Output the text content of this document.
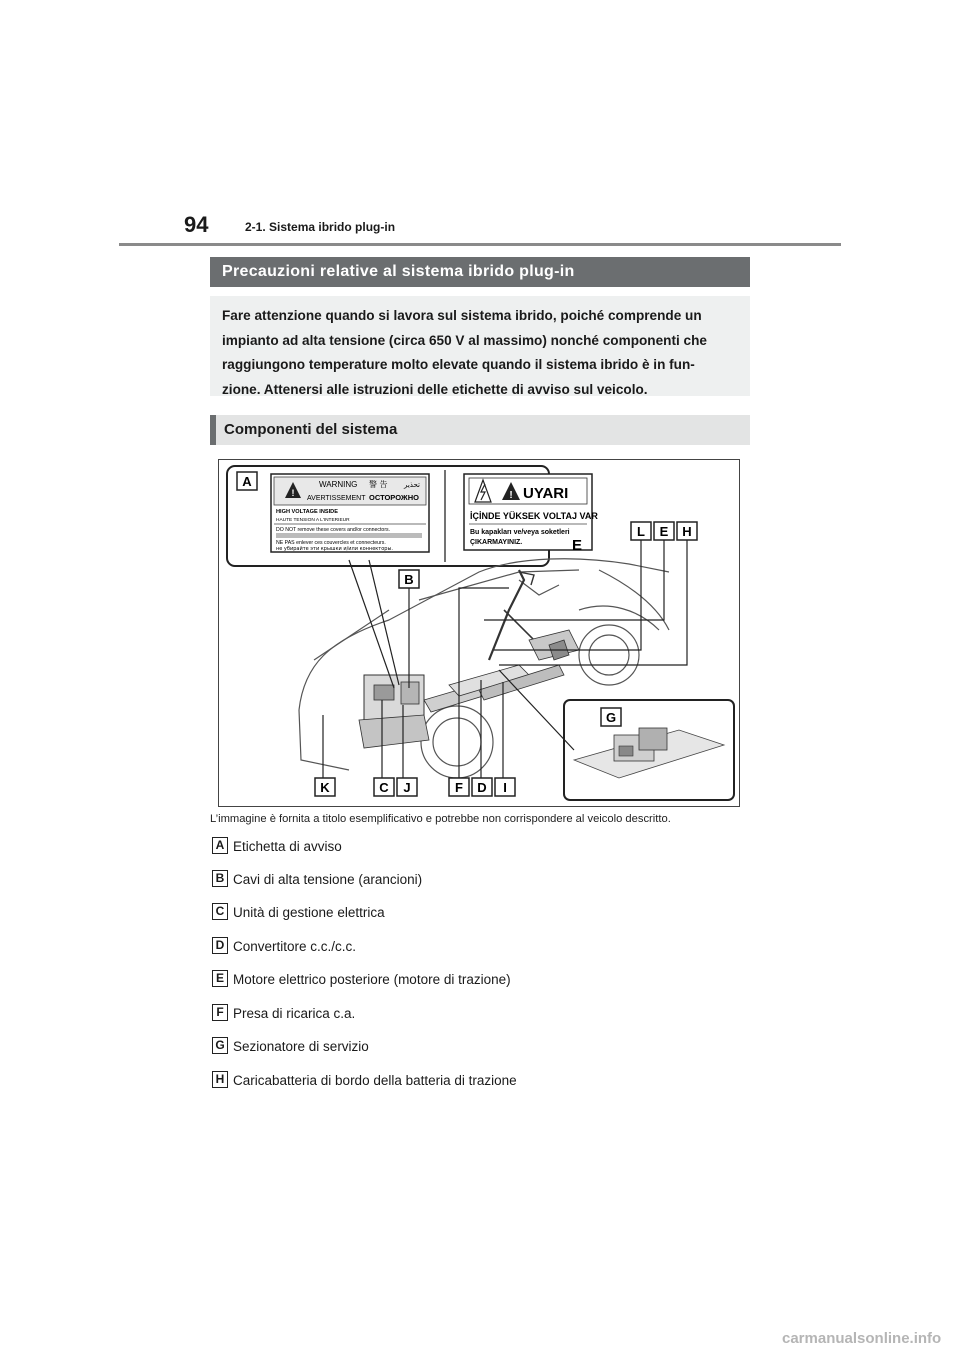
94	2-1. Sistema ibrido plug-in
Precauzioni relative al sistema ibrido plug-in
Fare attenzione quando si lavora sul sistema ibrido, poiché comprende un
impianto ad alta tensione (circa 650 V al massimo) nonché componenti che
raggiungono temperature molto elevate quando il sistema ibrido è in fun-
zione. Attenersi alle istruzioni delle etichette di avviso sul veicolo.
Componenti del sistema
A
!
WARNING 警 告 تحذير
AVERTISSEMENT ОСТОРОЖНО
HIGH VOLTAGE INSIDE
HAUTE TENSION A L'INTERIEUR
DO NOT remove these covers and/or connectors.
NE PAS enlever ces couvercles et connecteurs.
не убирайте эти крышки и/или коннекторы.
! UYARI
İÇİNDE YÜKSEK VOLTAJ VAR
Bu kapakları ve/veya soketleri
ÇIKARMAYINIZ.	E
L E H
B
G
K	C J	F D I
L’immagine è fornita a titolo esemplificativo e potrebbe non corrispondere al veicolo descritto.
A Etichetta di avviso
B Cavi di alta tensione (arancioni)
C Unità di gestione elettrica
D Convertitore c.c./c.c.
E Motore elettrico posteriore (motore di trazione)
F Presa di ricarica c.a.
G Sezionatore di servizio
H Caricabatteria di bordo della batteria di trazione
carmanualsonline.info
